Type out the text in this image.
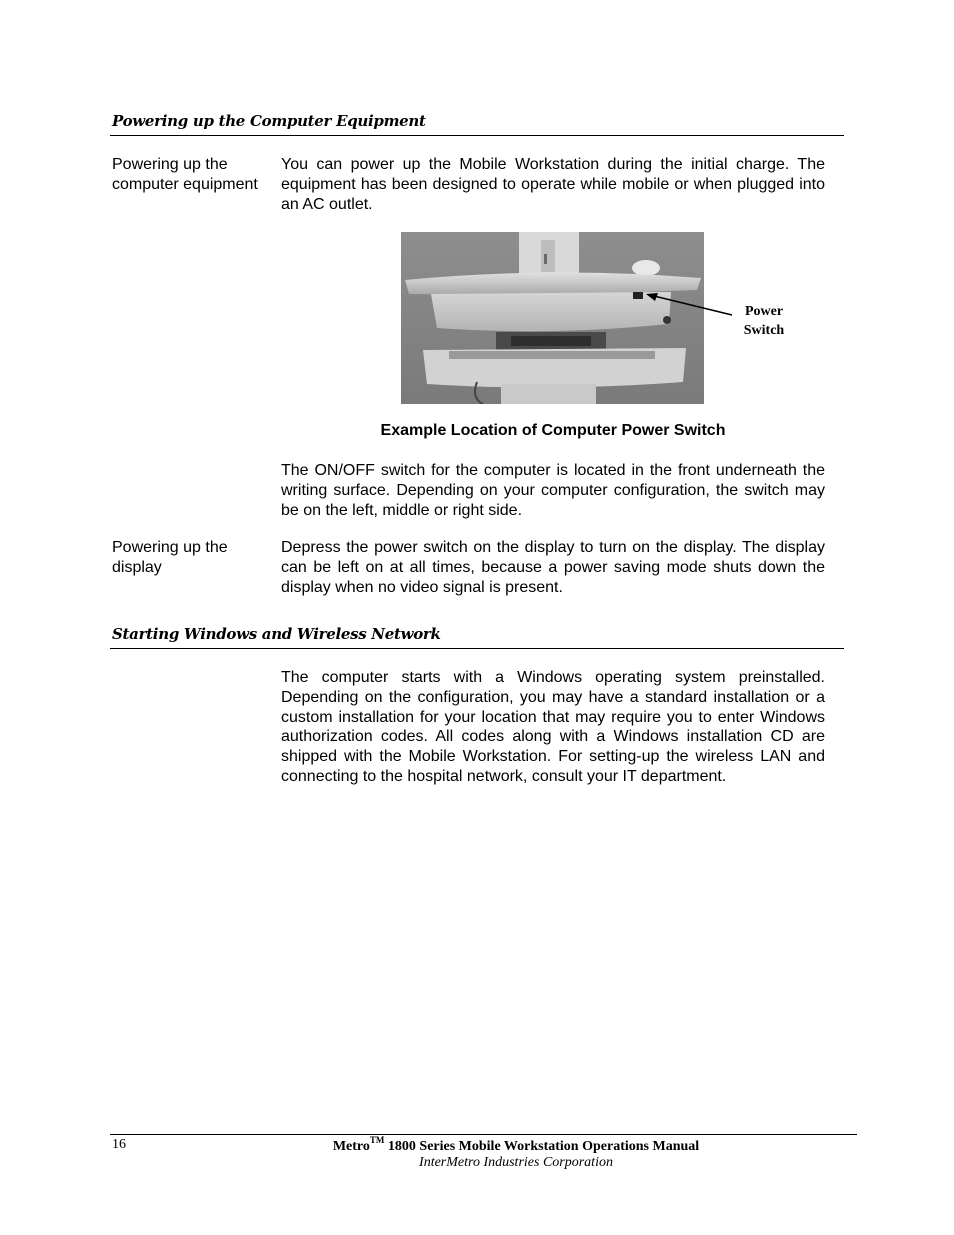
Powering up the Computer Equipment
Powering up the computer equipment
You can power up the Mobile Workstation during the initial charge. The equipment has been designed to operate while mobile or when plugged into an AC outlet.
Power Switch
Example Location of Computer Power Switch
The ON/OFF switch for the computer is located in the front underneath the writing surface. Depending on your computer configuration, the switch may be on the left, middle or right side.
Powering up the display
Depress the power switch on the display to turn on the display. The display can be left on at all times, because a power saving mode shuts down the display when no video signal is present.
Starting Windows and Wireless Network
The computer starts with a Windows operating system preinstalled. Depending on the configuration, you may have a standard installation or a custom installation for your location that may require you to enter Windows authorization codes. All codes along with a Windows installation CD are shipped with the Mobile Workstation. For setting-up the wireless LAN and connecting to the hospital network, consult your IT department.
16	Metro™ 1800 Series Mobile Workstation Operations Manual
InterMetro Industries Corporation
